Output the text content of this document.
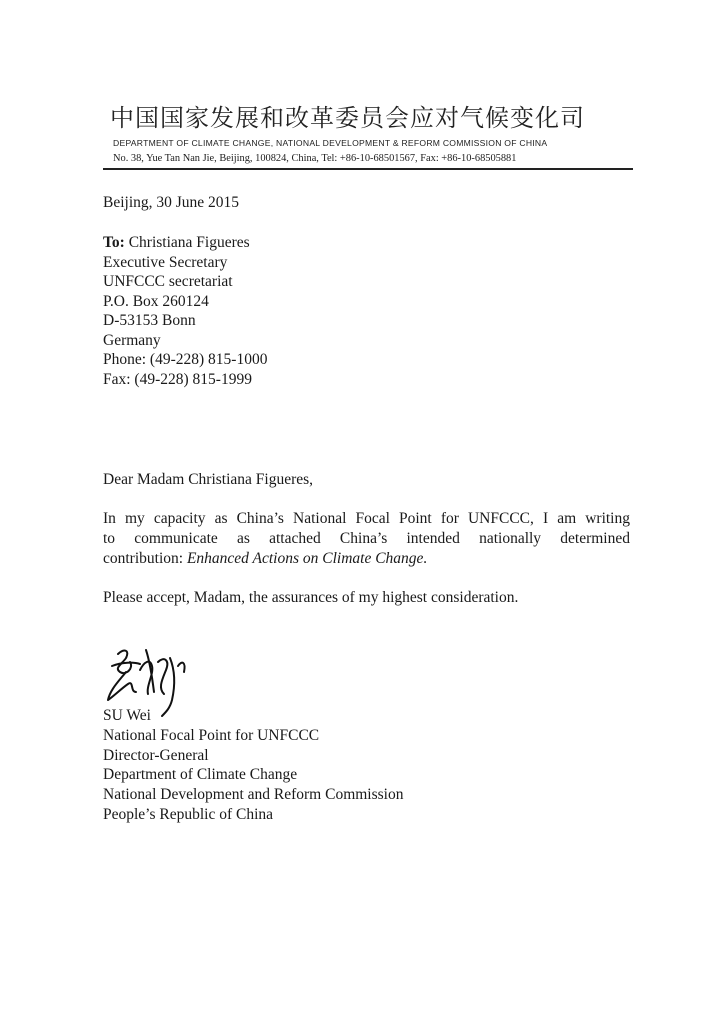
中国国家发展和改革委员会应对气候变化司
DEPARTMENT OF CLIMATE CHANGE, NATIONAL DEVELOPMENT & REFORM COMMISSION OF CHINA
No. 38, Yue Tan Nan Jie, Beijing, 100824, China, Tel: +86-10-68501567, Fax: +86-10-68505881
Beijing, 30 June 2015
To: Christiana Figueres
Executive Secretary
UNFCCC secretariat
P.O. Box 260124
D-53153 Bonn
Germany
Phone: (49-228) 815-1000
Fax: (49-228) 815-1999
Dear Madam Christiana Figueres,
In my capacity as China’s National Focal Point for UNFCCC, I am writing
to communicate as attached China’s intended nationally determined
contribution: Enhanced Actions on Climate Change.
Please accept, Madam, the assurances of my highest consideration.
SU Wei
National Focal Point for UNFCCC
Director-General
Department of Climate Change
National Development and Reform Commission
People’s Republic of China
